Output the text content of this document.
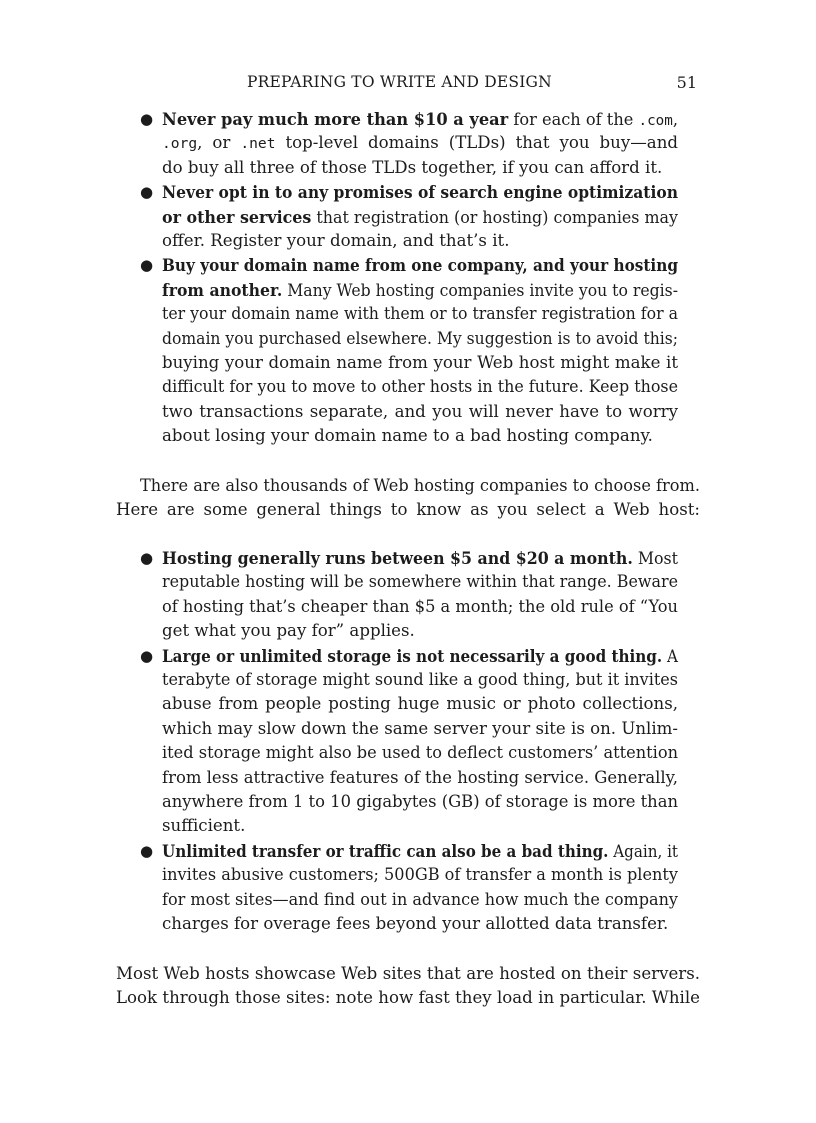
PREPARING TO WRITE AND DESIGN	51
● Never pay much more than $10 a year for each of the .com,
.org, or .net top-level domains (TLDs) that you buy—and
do buy all three of those TLDs together, if you can afford it.
● Never opt in to any promises of search engine optimization
or other services that registration (or hosting) companies may
offer. Register your domain, and that’s it.
● Buy your domain name from one company, and your hosting
from another. Many Web hosting companies invite you to regis-
ter your domain name with them or to transfer registration for a
domain you purchased elsewhere. My suggestion is to avoid this;
buying your domain name from your Web host might make it
difficult for you to move to other hosts in the future. Keep those
two transactions separate, and you will never have to worry
about losing your domain name to a bad hosting company.
There are also thousands of Web hosting companies to choose from.
Here are some general things to know as you select a Web host:
● Hosting generally runs between $5 and $20 a month. Most
reputable hosting will be somewhere within that range. Beware
of hosting that’s cheaper than $5 a month; the old rule of “You
get what you pay for” applies.
● Large or unlimited storage is not necessarily a good thing. A
terabyte of storage might sound like a good thing, but it invites
abuse from people posting huge music or photo collections,
which may slow down the same server your site is on. Unlim-
ited storage might also be used to deflect customers’ attention
from less attractive features of the hosting service. Generally,
anywhere from 1 to 10 gigabytes (GB) of storage is more than
sufficient.
● Unlimited transfer or traffic can also be a bad thing. Again, it
invites abusive customers; 500GB of transfer a month is plenty
for most sites—and find out in advance how much the company
charges for overage fees beyond your allotted data transfer.
Most Web hosts showcase Web sites that are hosted on their servers.
Look through those sites: note how fast they load in particular. While
